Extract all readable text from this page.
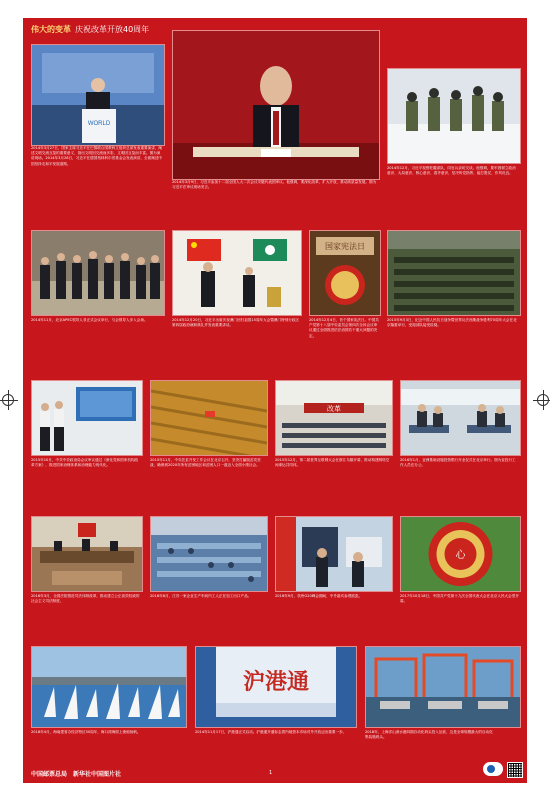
伟大的变革 庆祝改革开放40周年
WORLD
2014年3月27日，国家主席习近平在巴黎联合国教科文组织总部发表重要演讲，阐述文明交流互鉴的重要意义，指出文明因交流而多彩，文明因互鉴而丰富。图为演讲现场。2014年3月28日，习近平在德国柏林科尔伯基金会发表演讲，全面阐述中国坚持走和平发展道路。
2014年3月9日，习近平参加十二届全国人大二次会议安徽代表团审议。他强调，要深化改革，扩大开放，推动高质量发展。图为习近平在审议现场发言。
2014年12月，习近平视察驻疆部队，同官兵亲切交谈。他强调，要牢固树立政治意识、大局意识、核心意识、看齐意识，坚决听党指挥，能打胜仗，作风优良。
2014年11月，北京APEC领导人非正式会议举行，与会领导人步入会场。	2014年12月20日，习近平出席庆祝澳门回归祖国15周年大会暨澳门特别行政区第四届政府就职典礼并发表重要讲话。
国家宪法日
2014年12月4日，首个国家宪法日。中国共产党第十八届中央委员会第四次全体会议审议通过全面推进依法治国若干重大问题的决定。
2015年9月3日，纪念中国人民抗日战争暨世界反法西斯战争胜利70周年大会在北京隆重举行，受阅部队接受检阅。
2015年10月，中共中央政治局会议审议通过《深化党和国家机构改革方案》，推进国家治理体系和治理能力现代化。
2015年11月，中央扶贫开发工作会议在北京召开，坚决打赢脱贫攻坚战，确保到2020年所有贫困地区和贫困人口一道迈入全面小康社会。
改革
2015年12月，第二届世界互联网大会在浙江乌镇开幕，推动构建网络空间命运共同体。
2016年1月，亚洲基础设施投资银行开业仪式在北京举行。图为亚投行工作人员在办公。
2016年3月，全国法院推进司法体制改革，推动建立公正高效权威的社会主义司法制度。
2016年6月，江苏一家企业生产车间内工人正在加工出口产品。	2016年9月，杭州G20峰会期间，中外嘉宾参观展览。
心
2017年10月18日，中国共产党第十九次全国代表大会在北京人民大会堂开幕。
2018年4月，海南建省办经济特区30周年，海口湾海面上渔船扬帆。
沪港通
2014年11月17日，沪港通正式启动。沪港通开通标志着内地资本市场对外开放迈出重要一步。	2018年，上海洋山深水港四期自动化码头投入运营，这是全球规模最大的自动化集装箱码头。
中国邮票总局 新华社中国图片社	1
